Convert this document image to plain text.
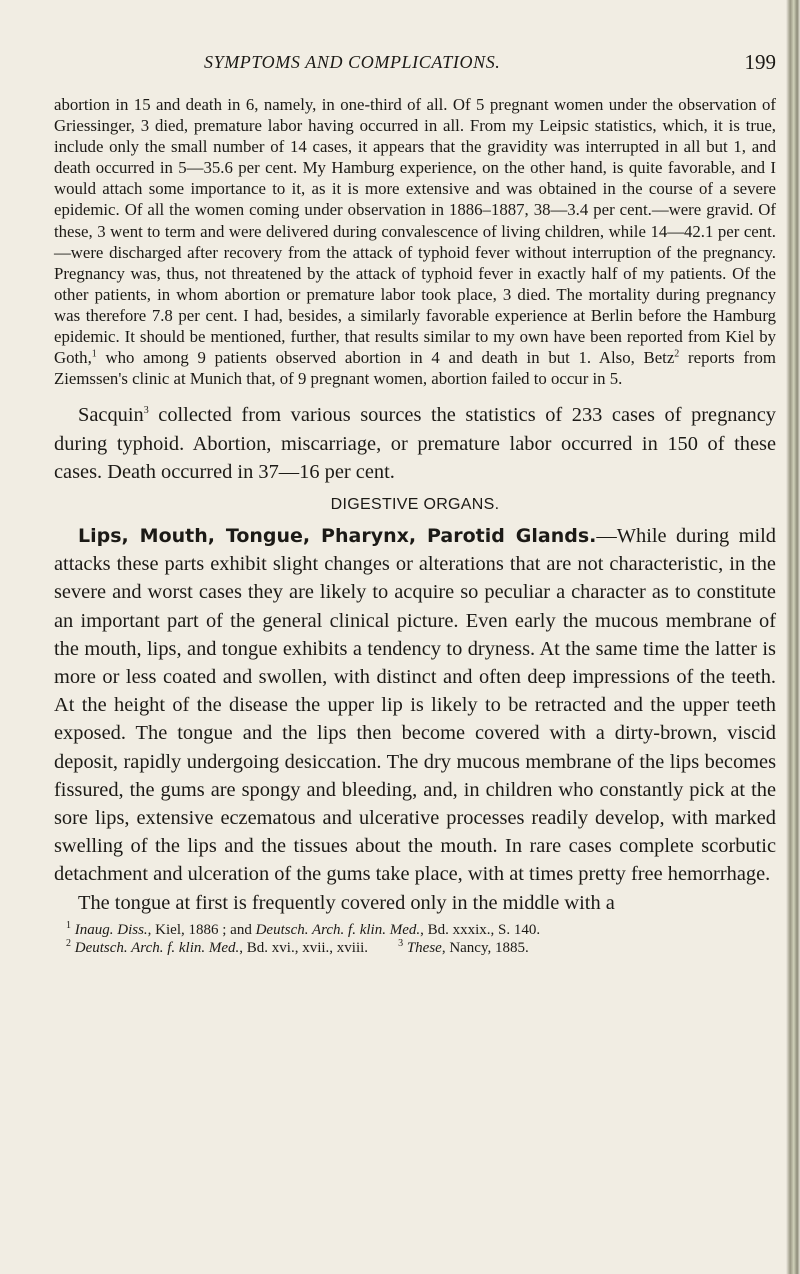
SYMPTOMS AND COMPLICATIONS.	199

abortion in 15 and death in 6, namely, in one-third of all. Of 5 pregnant women under the observation of Griessinger, 3 died, premature labor having occurred in all. From my Leipsic statistics, which, it is true, include only the small number of 14 cases, it appears that the gravidity was interrupted in all but 1, and death occurred in 5—35.6 per cent. My Hamburg experience, on the other hand, is quite favorable, and I would attach some importance to it, as it is more extensive and was obtained in the course of a severe epidemic. Of all the women coming under observation in 1886–1887, 38—3.4 per cent.—were gravid. Of these, 3 went to term and were delivered during convalescence of living children, while 14—42.1 per cent.—were discharged after recovery from the attack of typhoid fever without interruption of the pregnancy. Pregnancy was, thus, not threatened by the attack of typhoid fever in exactly half of my patients. Of the other patients, in whom abortion or premature labor took place, 3 died. The mortality during pregnancy was therefore 7.8 per cent. I had, besides, a similarly favorable experience at Berlin before the Hamburg epidemic. It should be mentioned, further, that results similar to my own have been reported from Kiel by Goth,$^1$ who among 9 patients observed abortion in 4 and death in but 1. Also, Betz$^2$ reports from Ziemssen's clinic at Munich that, of 9 pregnant women, abortion failed to occur in 5.

Sacquin$^3$ collected from various sources the statistics of 233 cases of pregnancy during typhoid. Abortion, miscarriage, or premature labor occurred in 150 of these cases. Death occurred in 37—16 per cent.

DIGESTIVE ORGANS.

Lips, Mouth, Tongue, Pharynx, Parotid Glands.—While during mild attacks these parts exhibit slight changes or alterations that are not characteristic, in the severe and worst cases they are likely to acquire so peculiar a character as to constitute an important part of the general clinical picture. Even early the mucous membrane of the mouth, lips, and tongue exhibits a tendency to dryness. At the same time the latter is more or less coated and swollen, with distinct and often deep impressions of the teeth. At the height of the disease the upper lip is likely to be retracted and the upper teeth exposed. The tongue and the lips then become covered with a dirty-brown, viscid deposit, rapidly undergoing desiccation. The dry mucous membrane of the lips becomes fissured, the gums are spongy and bleeding, and, in children who constantly pick at the sore lips, extensive eczematous and ulcerative processes readily develop, with marked swelling of the lips and the tissues about the mouth. In rare cases complete scorbutic detachment and ulceration of the gums take place, with at times pretty free hemorrhage.

The tongue at first is frequently covered only in the middle with a

$^1$ Inaug. Diss., Kiel, 1886 ; and Deutsch. Arch. f. klin. Med., Bd. xxxix., S. 140.
$^2$ Deutsch. Arch. f. klin. Med., Bd. xvi., xvii., xviii.	$^3$ These, Nancy, 1885.
